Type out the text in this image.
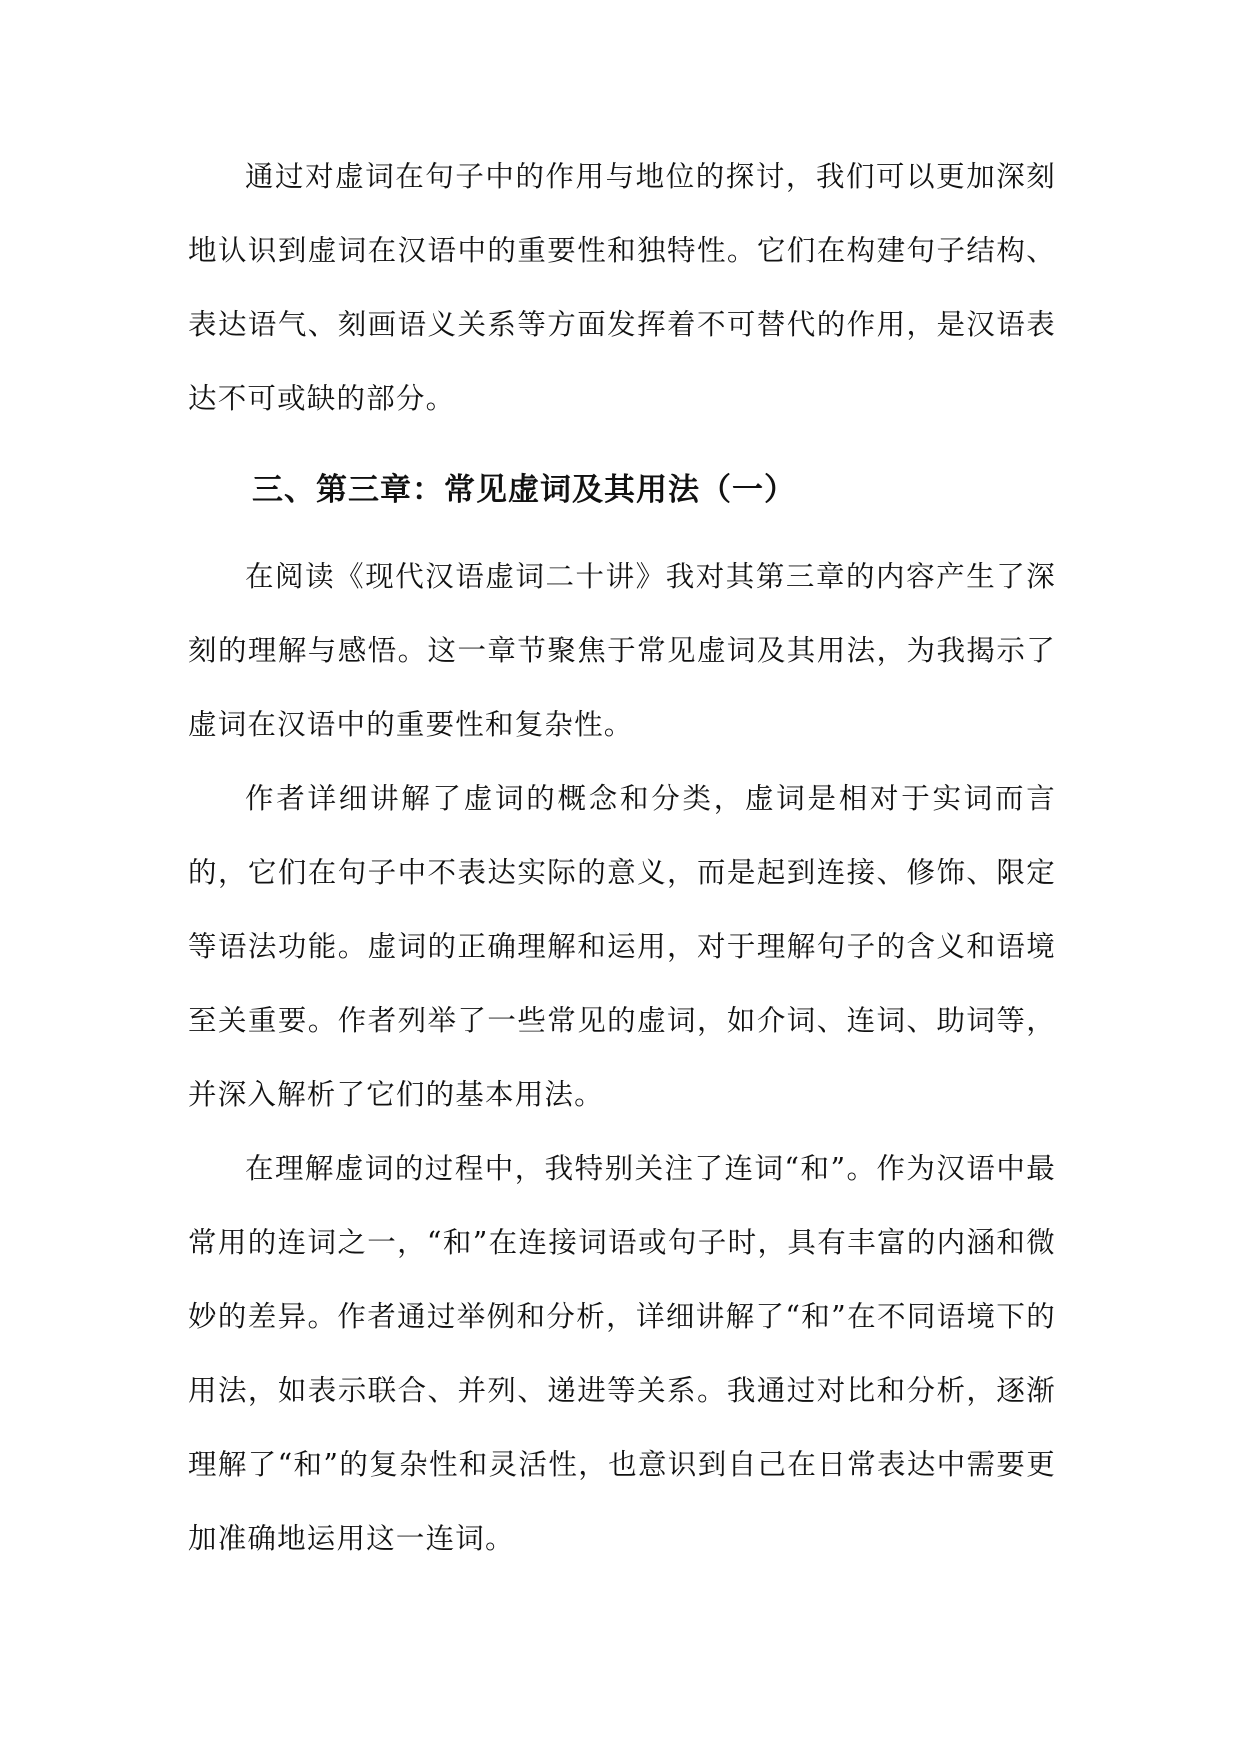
通过对虚词在句子中的作用与地位的探讨，我们可以更加深刻地认识到虚词在汉语中的重要性和独特性。它们在构建句子结构、表达语气、刻画语义关系等方面发挥着不可替代的作用，是汉语表达不可或缺的部分。

三、第三章：常见虚词及其用法（一）

在阅读《现代汉语虚词二十讲》我对其第三章的内容产生了深刻的理解与感悟。这一章节聚焦于常见虚词及其用法，为我揭示了虚词在汉语中的重要性和复杂性。

作者详细讲解了虚词的概念和分类，虚词是相对于实词而言的，它们在句子中不表达实际的意义，而是起到连接、修饰、限定等语法功能。虚词的正确理解和运用，对于理解句子的含义和语境至关重要。作者列举了一些常见的虚词，如介词、连词、助词等，并深入解析了它们的基本用法。

在理解虚词的过程中，我特别关注了连词“和”。作为汉语中最常用的连词之一，“和”在连接词语或句子时，具有丰富的内涵和微妙的差异。作者通过举例和分析，详细讲解了“和”在不同语境下的用法，如表示联合、并列、递进等关系。我通过对比和分析，逐渐理解了“和”的复杂性和灵活性，也意识到自己在日常表达中需要更加准确地运用这一连词。
